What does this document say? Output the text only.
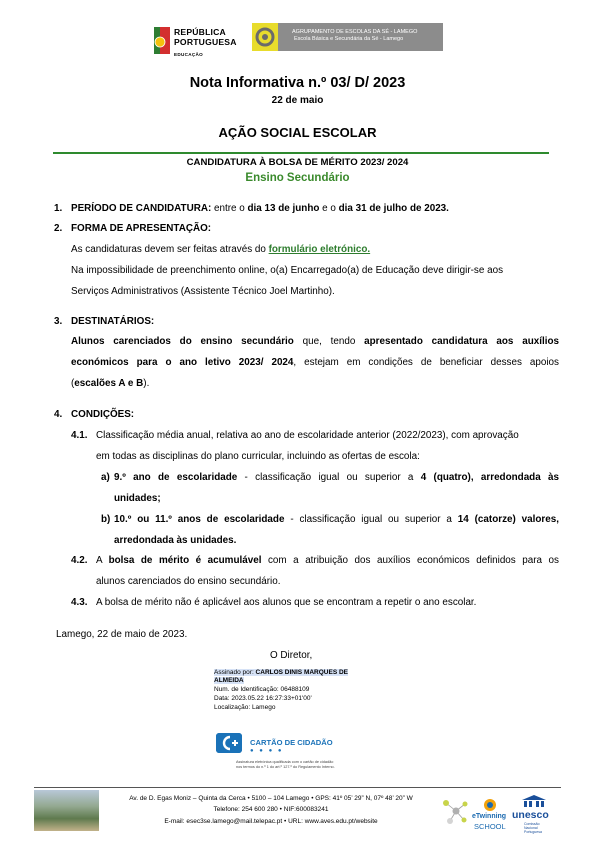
REPÚBLICA
PORTUGUESA
EDUCAÇÃO
AGRUPAMENTO DE ESCOLAS DA SÉ - LAMEGO
Escola Básica e Secundária da Sé - Lamego
Nota Informativa n.º 03/ D/ 2023
22 de maio
AÇÃO SOCIAL ESCOLAR
CANDIDATURA À BOLSA DE MÉRITO 2023/ 2024
Ensino Secundário
1. PERÍODO DE CANDIDATURA: entre o dia 13 de junho e o dia 31 de julho de 2023.
2. FORMA DE APRESENTAÇÃO:
As candidaturas devem ser feitas através do formulário eletrónico.
Na impossibilidade de preenchimento online, o(a) Encarregado(a) de Educação deve dirigir-se aos
Serviços Administrativos (Assistente Técnico Joel Martinho).
3. DESTINATÁRIOS:
Alunos carenciados do ensino secundário que, tendo apresentado candidatura aos auxílios
económicos para o ano letivo 2023/ 2024, estejam em condições de beneficiar desses apoios
(escalões A e B).
4. CONDIÇÕES:
4.1. Classificação média anual, relativa ao ano de escolaridade anterior (2022/2023), com aprovação
em todas as disciplinas do plano curricular, incluindo as ofertas de escola:
a) 9.º ano de escolaridade - classificação igual ou superior a 4 (quatro), arredondada às
unidades;
b) 10.º ou 11.º anos de escolaridade - classificação igual ou superior a 14 (catorze) valores,
arredondada às unidades.
4.2. A bolsa de mérito é acumulável com a atribuição dos auxílios económicos definidos para os
alunos carenciados do ensino secundário.
4.3. A bolsa de mérito não é aplicável aos alunos que se encontram a repetir o ano escolar.
Lamego, 22 de maio de 2023.
O Diretor,
Assinado por: CARLOS DINIS MARQUES DE
ALMEIDA
Num. de Identificação: 06488109
Data: 2023.05.22 16:27:33+01'00'
Localização: Lamego
CARTÃO DE CIDADÃO
● ● ● ●
Assinatura eletrónica qualificada com o cartão de cidadão
nos termos do n.º 1 do art.º 127.º do Regulamento Interno.
Av. de D. Egas Moniz – Quinta da Cerca • 5100 – 104 Lamego • GPS: 41º 05’ 29” N, 07º 48’ 20” W
Telefone: 254 600 280 • NIF:600083241
E-mail: esec3se.lamego@mail.telepac.pt • URL: www.aves.edu.pt/website
eTwinning
SCHOOL
unesco
Comissão Nacional Portuguesa
